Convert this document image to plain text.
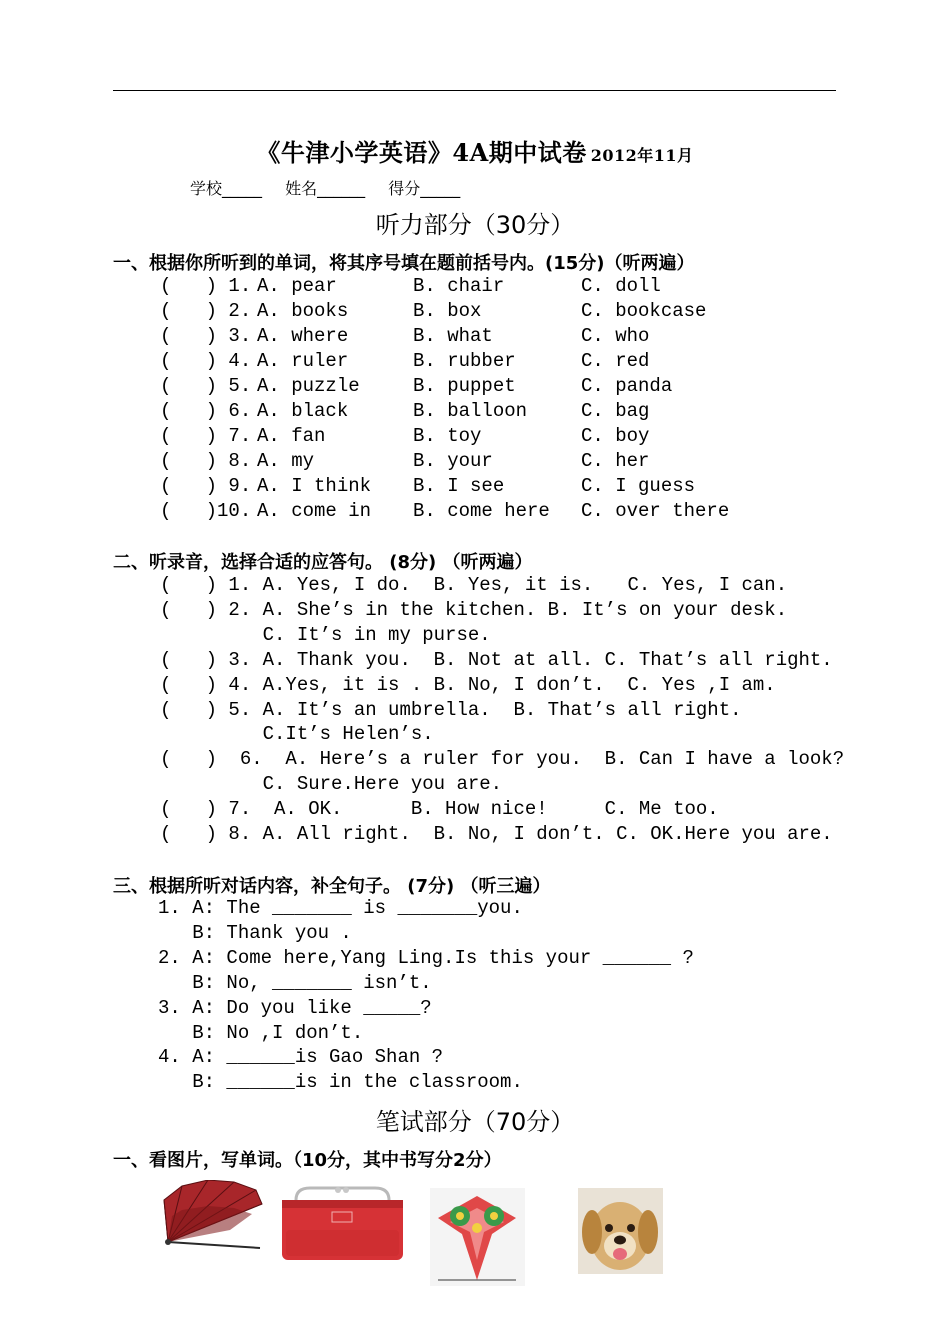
《牛津小学英语》4A期中试卷 2012年11月
学校_____ 姓名______ 得分_____
听力部分（30分）
一、根据你所听到的单词，将其序号填在题前括号内。(15分)（听两遍）
(   ) 1. A. pear	B. chair	C. doll
(   ) 2. A. books	B. box	C. bookcase
(   ) 3. A. where	B. what	C. who
(   ) 4. A. ruler	B. rubber	C. red
(   ) 5. A. puzzle	B. puppet	C. panda
(   ) 6. A. black	B. balloon	C. bag
(   ) 7. A. fan	B. toy	C. boy
(   ) 8. A. my	B. your	C. her
(   ) 9. A. I think B. I see	C. I guess
(   )10. A. come in B. come here C. over there
二、听录音，选择合适的应答句。 (8分) （听两遍）
(   ) 1. A. Yes, I do.  B. Yes, it is.   C. Yes, I can.
(   ) 2. A. She’s in the kitchen. B. It’s on your desk.
C. It’s in my purse.
(   ) 3. A. Thank you.  B. Not at all. C. That’s all right.
(   ) 4. A.Yes, it is . B. No, I don’t.  C. Yes ,I am.
(   ) 5. A. It’s an umbrella.  B. That’s all right.
C.It’s Helen’s.
(   )  6.  A. Here’s a ruler for you.  B. Can I have a look?
C. Sure.Here you are.
(   ) 7.  A. OK.      B. How nice!     C. Me too.
(   ) 8. A. All right.  B. No, I don’t. C. OK.Here you are.
三、根据所听对话内容，补全句子。 (7分) （听三遍）
1. A: The _______ is _______you.
B: Thank you .
2. A: Come here,Yang Ling.Is this your ______ ?
B: No, _______ isn’t.
3. A: Do you like _____?
B: No ,I don’t.
4. A: ______is Gao Shan ?
B: ______is in the classroom.
笔试部分（70分）
一、看图片，写单词。（10分，其中书写分2分）
